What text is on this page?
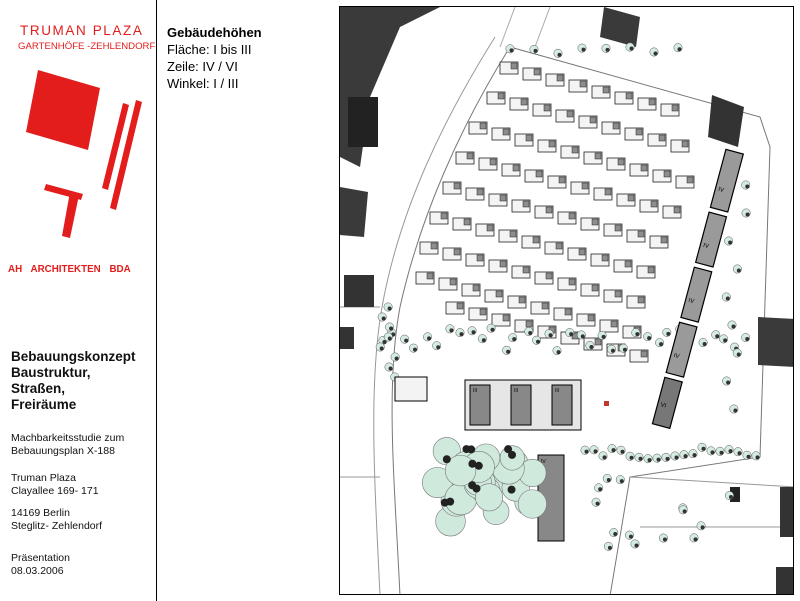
TRUMAN PLAZA
GARTENHÖFE -ZEHLENDORF
AH ARCHITEKTEN BDA
Bebauungskonzept
Baustruktur,
Straßen,
Freiräume
Machbarkeitsstudie zum
Bebauungsplan X-188
Truman Plaza
Clayallee 169- 171
14169 Berlin
Steglitz- Zehlendorf
Präsentation
08.03.2006
Gebäudehöhen
Fläche: I bis III
Zeile: IV / VI
Winkel: I / III
IV
IV
IV
IV
VI
III	III	III
IV
